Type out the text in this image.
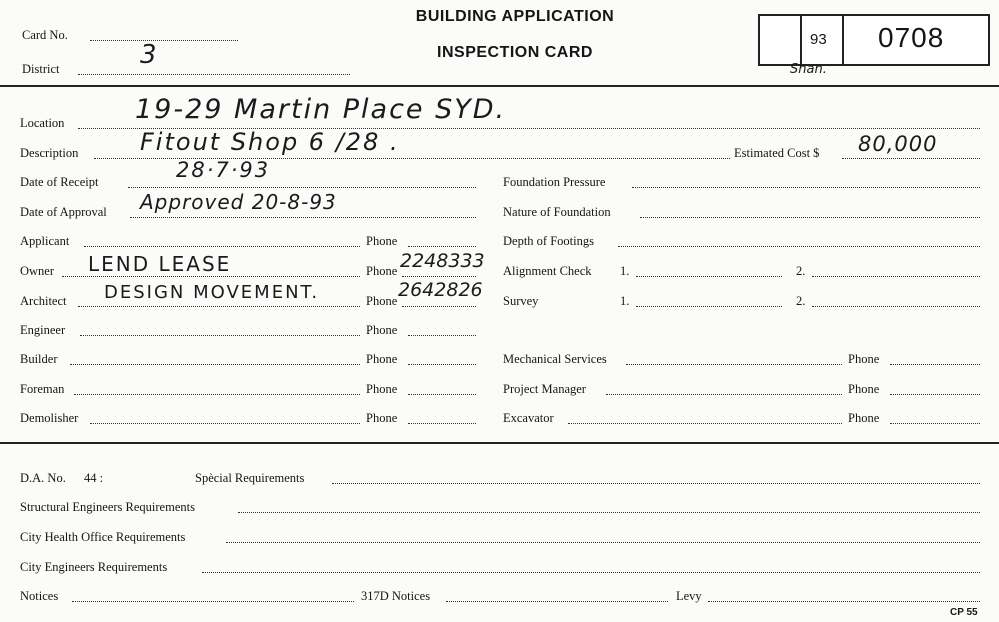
BUILDING APPLICATION
INSPECTION CARD
Card No.
District	3
93 0708
Shan.
Location	19-29 Martin Place SYD.
Description	Fitout Shop 6 /28 .	Estimated Cost $ 80,000
Date of Receipt	28·7·93
Date of Approval Approved 20-8-93
Applicant	Phone
Owner LEND LEASE	Phone 2248333
Architect DESIGN MOVEMENT.	Phone 2642826
Engineer	Phone
Builder	Phone
Foreman	Phone
Demolisher	Phone
Foundation Pressure
Nature of Foundation
Depth of Footings
Alignment Check 1.	2.
Survey	1.	2.
Mechanical Services	Phone
Project Manager	Phone
Excavator	Phone
D.A. No. 44 :	Spècial Requirements
Structural Engineers Requirements
City Health Office Requirements
City Engineers Requirements
Notices	317D Notices	Levy
CP 55
